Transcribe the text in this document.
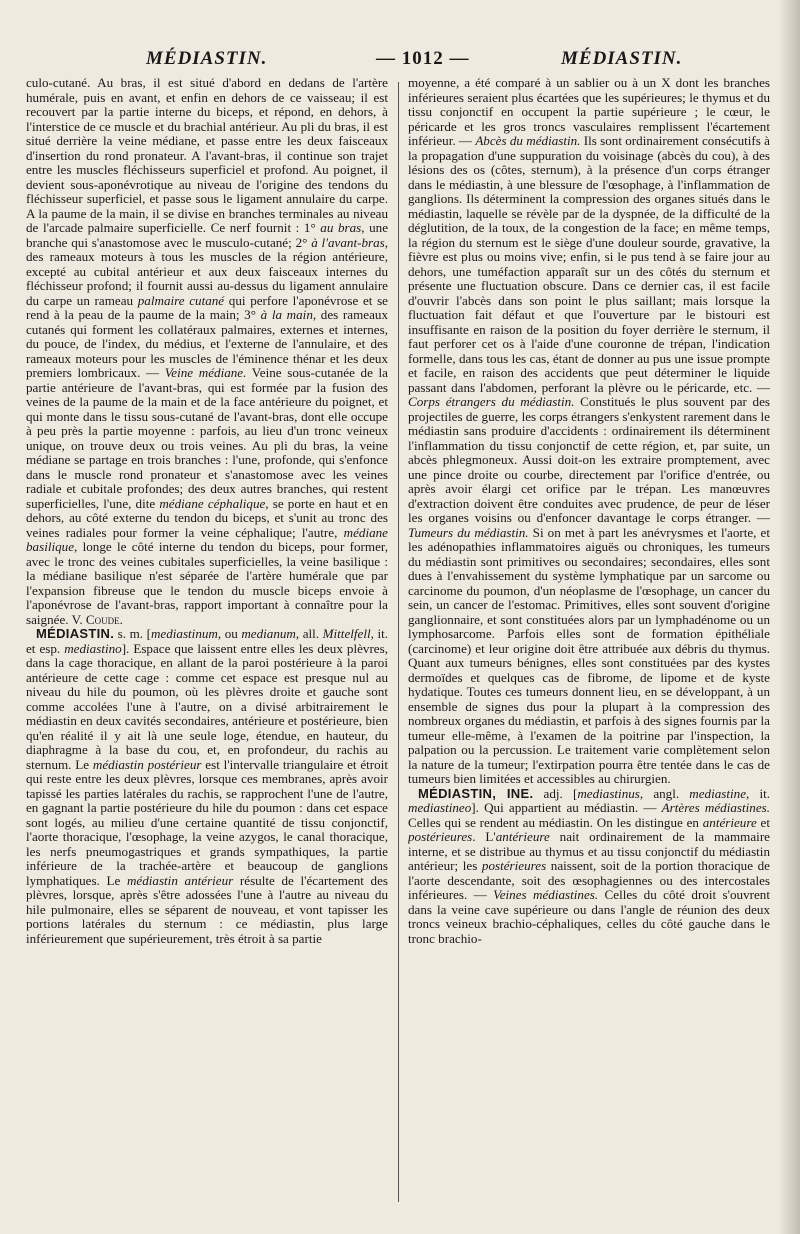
MÉDIASTIN.	— 1012 —	MÉDIASTIN.

culo-cutané. Au bras, il est situé d'abord en dedans de l'artère humérale, puis en avant, et enfin en dehors de ce vaisseau; il est recouvert par la partie interne du biceps, et répond, en dehors, à l'interstice de ce muscle et du brachial antérieur. Au pli du bras, il est situé derrière la veine médiane, et passe entre les deux faisceaux d'insertion du rond pronateur. A l'avant-bras, il continue son trajet entre les muscles fléchisseurs superficiel et profond. Au poignet, il devient sous-aponévrotique au niveau de l'origine des tendons du fléchisseur superficiel, et passe sous le ligament annulaire du carpe. A la paume de la main, il se divise en branches terminales au niveau de l'arcade palmaire superficielle. Ce nerf fournit : 1° au bras, une branche qui s'anastomose avec le musculo-cutané; 2° à l'avant-bras, des rameaux moteurs à tous les muscles de la région antérieure, excepté au cubital antérieur et aux deux faisceaux internes du fléchisseur profond; il fournit aussi au-dessus du ligament annulaire du carpe un rameau palmaire cutané qui perfore l'aponévrose et se rend à la peau de la paume de la main; 3° à la main, des rameaux cutanés qui forment les collatéraux palmaires, externes et internes, du pouce, de l'index, du médius, et l'externe de l'annulaire, et des rameaux moteurs pour les muscles de l'éminence thénar et les deux premiers lombricaux. — Veine médiane. Veine sous-cutanée de la partie antérieure de l'avant-bras, qui est formée par la fusion des veines de la paume de la main et de la face antérieure du poignet, et qui monte dans le tissu sous-cutané de l'avant-bras, dont elle occupe à peu près la partie moyenne : parfois, au lieu d'un tronc veineux unique, on trouve deux ou trois veines. Au pli du bras, la veine médiane se partage en trois branches : l'une, profonde, qui s'enfonce dans le muscle rond pronateur et s'anastomose avec les veines radiale et cubitale profondes; des deux autres branches, qui restent superficielles, l'une, dite médiane céphalique, se porte en haut et en dehors, au côté externe du tendon du biceps, et s'unit au tronc des veines radiales pour former la veine céphalique; l'autre, médiane basilique, longe le côté interne du tendon du biceps, pour former, avec le tronc des veines cubitales superficielles, la veine basilique : la médiane basilique n'est séparée de l'artère humérale que par l'expansion fibreuse que le tendon du muscle biceps envoie à l'aponévrose de l'avant-bras, rapport important à connaître pour la saignée. V. Coude.

MÉDIASTIN. s. m. [mediastinum, ou medianum, all. Mittelfell, it. et esp. mediastino]. Espace que laissent entre elles les deux plèvres, dans la cage thoracique, en allant de la paroi postérieure à la paroi antérieure de cette cage : comme cet espace est presque nul au niveau du hile du poumon, où les plèvres droite et gauche sont comme accolées l'une à l'autre, on a divisé arbitrairement le médiastin en deux cavités secondaires, antérieure et postérieure, bien qu'en réalité il y ait là une seule loge, étendue, en hauteur, du diaphragme à la base du cou, et, en profondeur, du rachis au sternum. Le médiastin postérieur est l'intervalle triangulaire et étroit qui reste entre les deux plèvres, lorsque ces membranes, après avoir tapissé les parties latérales du rachis, se rapprochent l'une de l'autre, en gagnant la partie postérieure du hile du poumon : dans cet espace sont logés, au milieu d'une certaine quantité de tissu conjonctif, l'aorte thoracique, l'œsophage, la veine azygos, le canal thoracique, les nerfs pneumogastriques et grands sympathiques, la partie inférieure de la trachée-artère et beaucoup de ganglions lymphatiques. Le médiastin antérieur résulte de l'écartement des plèvres, lorsque, après s'être adossées l'une à l'autre au niveau du hile pulmonaire, elles se séparent de nouveau, et vont tapisser les portions latérales du sternum : ce médiastin, plus large inférieurement que supérieurement, très étroit à sa partie

moyenne, a été comparé à un sablier ou à un X dont les branches inférieures seraient plus écartées que les supérieures; le thymus et du tissu conjonctif en occupent la partie supérieure ; le cœur, le péricarde et les gros troncs vasculaires remplissent l'écartement inférieur. — Abcès du médiastin. Ils sont ordinairement consécutifs à la propagation d'une suppuration du voisinage (abcès du cou), à des lésions des os (côtes, sternum), à la présence d'un corps étranger dans le médiastin, à une blessure de l'œsophage, à l'inflammation de ganglions. Ils déterminent la compression des organes situés dans le médiastin, laquelle se révèle par de la dyspnée, de la difficulté de la déglutition, de la toux, de la congestion de la face; en même temps, la région du sternum est le siège d'une douleur sourde, gravative, la fièvre est plus ou moins vive; enfin, si le pus tend à se faire jour au dehors, une tuméfaction apparaît sur un des côtés du sternum et présente une fluctuation obscure. Dans ce dernier cas, il est facile d'ouvrir l'abcès dans son point le plus saillant; mais lorsque la fluctuation fait défaut et que l'ouverture par le bistouri est insuffisante en raison de la position du foyer derrière le sternum, il faut perforer cet os à l'aide d'une couronne de trépan, l'indication formelle, dans tous les cas, étant de donner au pus une issue prompte et facile, en raison des accidents que peut déterminer le liquide passant dans l'abdomen, perforant la plèvre ou le péricarde, etc. — Corps étrangers du médiastin. Constitués le plus souvent par des projectiles de guerre, les corps étrangers s'enkystent rarement dans le médiastin sans produire d'accidents : ordinairement ils déterminent l'inflammation du tissu conjonctif de cette région, et, par suite, un abcès phlegmoneux. Aussi doit-on les extraire promptement, avec une pince droite ou courbe, directement par l'orifice d'entrée, ou après avoir élargi cet orifice par le trépan. Les manœuvres d'extraction doivent être conduites avec prudence, de peur de léser les organes voisins ou d'enfoncer davantage le corps étranger. — Tumeurs du médiastin. Si on met à part les anévrysmes et l'aorte, et les adénopathies inflammatoires aiguës ou chroniques, les tumeurs du médiastin sont primitives ou secondaires; secondaires, elles sont dues à l'envahissement du système lymphatique par un sarcome ou carcinome du poumon, d'un néoplasme de l'œsophage, un cancer du sein, un cancer de l'estomac. Primitives, elles sont souvent d'origine ganglionnaire, et sont constituées alors par un lymphadénome ou un lymphosarcome. Parfois elles sont de formation épithéliale (carcinome) et leur origine doit être attribuée aux débris du thymus. Quant aux tumeurs bénignes, elles sont constituées par des kystes dermoïdes et quelques cas de fibrome, de lipome et de kyste hydatique. Toutes ces tumeurs donnent lieu, en se développant, à un ensemble de signes dus pour la plupart à la compression des nombreux organes du médiastin, et parfois à des signes fournis par la tumeur elle-même, à l'examen de la poitrine par l'inspection, la palpation ou la percussion. Le traitement varie complètement selon la nature de la tumeur; l'extirpation pourra être tentée dans le cas de tumeurs bien limitées et accessibles au chirurgien.

MÉDIASTIN, INE. adj. [mediastinus, angl. mediastine, it. mediastineo]. Qui appartient au médiastin. — Artères médiastines. Celles qui se rendent au médiastin. On les distingue en antérieure et postérieures. L'antérieure nait ordinairement de la mammaire interne, et se distribue au thymus et au tissu conjonctif du médiastin antérieur; les postérieures naissent, soit de la portion thoracique de l'aorte descendante, soit des œsophagiennes ou des intercostales inférieures. — Veines médiastines. Celles du côté droit s'ouvrent dans la veine cave supérieure ou dans l'angle de réunion des deux troncs veineux brachio-céphaliques, celles du côté gauche dans le tronc brachio-
